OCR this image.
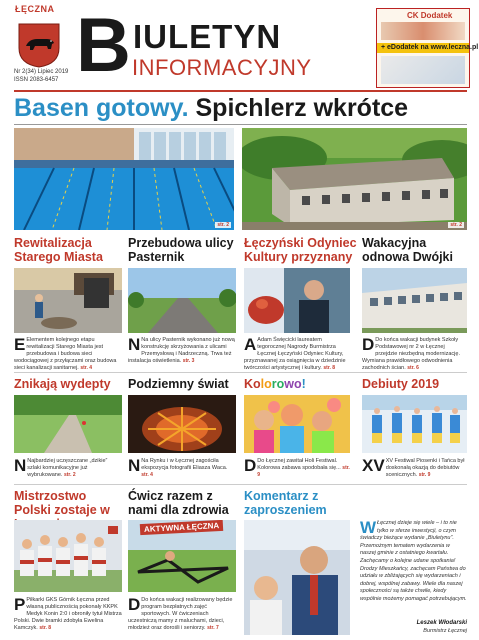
ŁĘCZNA
Nr 2(34) Lipiec 2019
ISSN 2083-6457 B IULETYN
INFORMACYJNY
CK Dodatek
+ eDodatek na www.leczna.pl
Basen gotowy. Spichlerz wkrótce
str. 2	str. 2
Rewitalizacja Starego Miasta
Przebudowa ulicy Pasternik
Łęczyński Odyniec Kultury przyznany
Wakacyjna odnowa Dwójki
E Elementem kolejnego etapu rewitalizacji Starego Miasta jest przebudowa i budowa sieci wodociągowej z przyłączami oraz budowa sieci kanalizacji sanitarnej. str. 4
N Na ulicy Pasternik wykonano już nową konstrukcję skrzyżowania z ulicami Przemysłową i Nadrzeczną. Trwa też instalacja oświetlenia. str. 3
A Adam Święcicki laureatem tegorocznej Nagrody Burmistrza Łęcznej Łęczyński Odyniec Kultury, przyznawanej za osiągnięcia w dziedzinie twórczości artystycznej i kultury. str. 8
D Do końca wakacji budynek Szkoły Podstawowej nr 2 w Łęcznej przejdzie niezbędną modernizację. Wymiana prawidłowego odwodnienia zachodnich ścian. str. 6
Znikają wydepty	Podziemny świat	Kolorowo!	Debiuty 2019
N Najbardziej uczęszczane „dzikie” szlaki komunikacyjne już wybrukowane. str. 2	N Na Rynku i w Łęcznej zagościła ekspozycja fotografii Eliasza Waca. str. 4	D Do Łęcznej zawitał Holi Festiwal. Kolorowa zabawa spodobała się... str. 9	XV XV Festiwal Piosenki i Tańca był doskonałą okazją do debiutów scenicznych. str. 9
Mistrzostwo Polski zostaje w
Ćwicz razem z nami dla zdrowia
Komentarz z zaproszeniem
AKTYWNA ŁĘCZNA
P Piłkarki GKS Górnik Łęczna przed własną publicznością pokonały KKPK Medyk Konin 2:0 i obroniły tytuł Mistrza Polski. Dwie bramki zdobyła Ewelina Kamczyk. str. 8
D Do końca wakacji realizowany będzie program bezpłatnych zajęć sportowych. W ćwiczeniach uczestniczą mamy z maluchami, dzieci, młodzież oraz dorośli i seniorzy. str. 7
W Łęcznej dzieje się wiele – i to nie tylko w sferze inwestycji, o czym świadczy bieżące wydanie „Biuletynu”. Przemożnym tematem wydarzenia w naszej gminie z ostatniego kwartału. Zachęcamy o kolejne udane spotkania! Drodzy Mieszkańcy, zachęcam Państwa do udziału w zbliżających się wydarzeniach i dobrej, wspólnej zabawy. Wiele dla naszej społeczności są także chwile, kiedy wspólnie możemy pomagać potrzebującym.
Leszek Włodarski
Burmistrz Łęcznej
